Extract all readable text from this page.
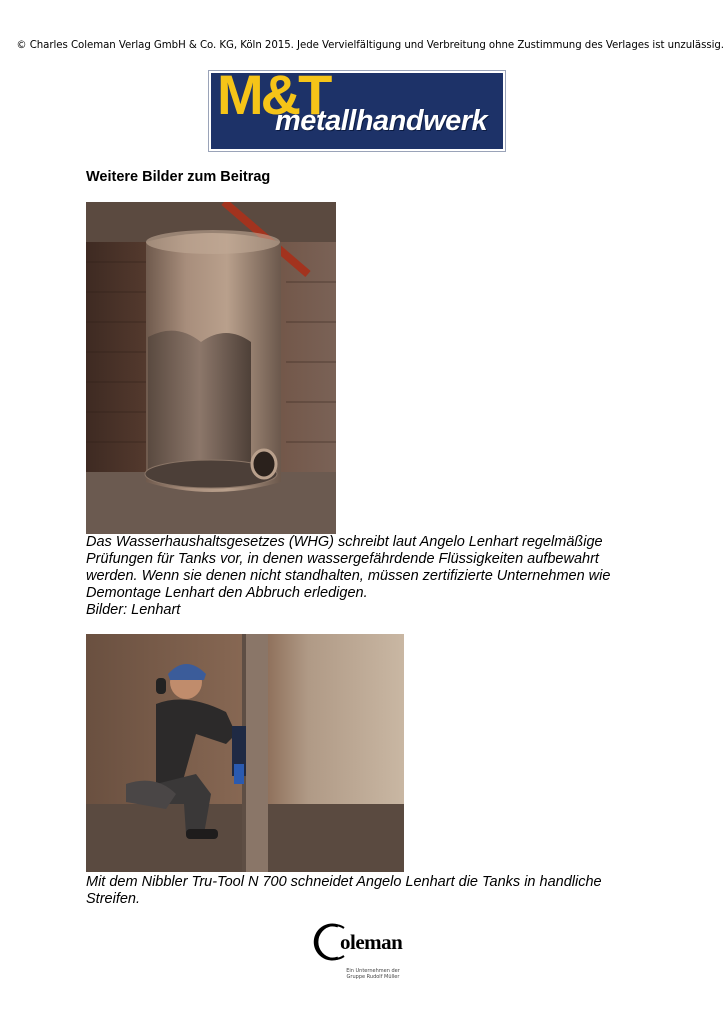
© Charles Coleman Verlag GmbH & Co. KG, Köln 2015. Jede Vervielfältigung und Verbreitung ohne Zustimmung des Verlages ist unzulässig.
M&T
metallhandwerk
Weitere Bilder zum Beitrag
Das Wasserhaushaltsgesetzes (WHG) schreibt laut Angelo Lenhart regelmäßige
Prüfungen für Tanks vor, in denen wassergefährdende Flüssigkeiten aufbewahrt
werden. Wenn sie denen nicht standhalten, müssen zertifizierte Unternehmen wie
Demontage Lenhart den Abbruch erledigen.
Bilder: Lenhart
Mit dem Nibbler Tru-Tool N 700 schneidet Angelo Lenhart die Tanks in handliche
Streifen.
oleman
Ein Unternehmen der
Gruppe Rudolf Müller
